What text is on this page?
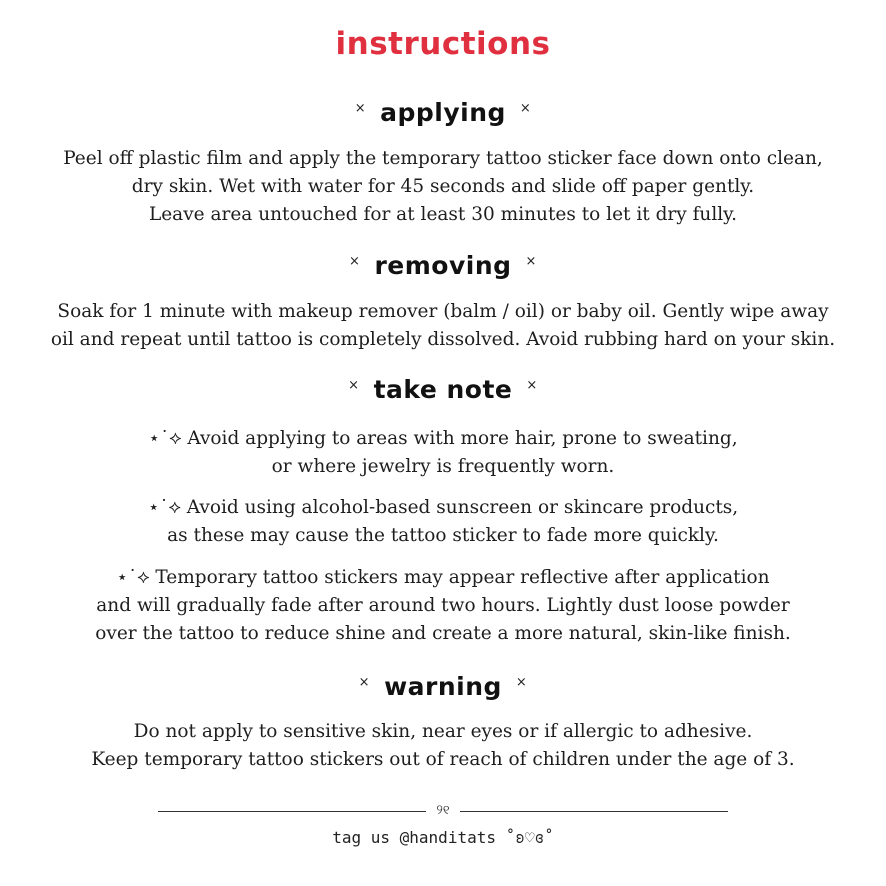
instructions
× applying ×

Peel off plastic film and apply the temporary tattoo sticker face down onto clean,
dry skin. Wet with water for 45 seconds and slide off paper gently.
Leave area untouched for at least 30 minutes to let it dry fully.

× removing ×

Soak for 1 minute with makeup remover (balm / oil) or baby oil. Gently wipe away
oil and repeat until tattoo is completely dissolved. Avoid rubbing hard on your skin.

× take note ×

⋆˙⟡ Avoid applying to areas with more hair, prone to sweating,
or where jewelry is frequently worn.

⋆˙⟡ Avoid using alcohol-based sunscreen or skincare products,
as these may cause the tattoo sticker to fade more quickly.

⋆˙⟡ Temporary tattoo stickers may appear reflective after application
and will gradually fade after around two hours. Lightly dust loose powder
over the tattoo to reduce shine and create a more natural, skin-like finish.

× warning ×

Do not apply to sensitive skin, near eyes or if allergic to adhesive.
Keep temporary tattoo stickers out of reach of children under the age of 3.

୨୧
tag us @handitats ˚ʚ♡ɞ˚
